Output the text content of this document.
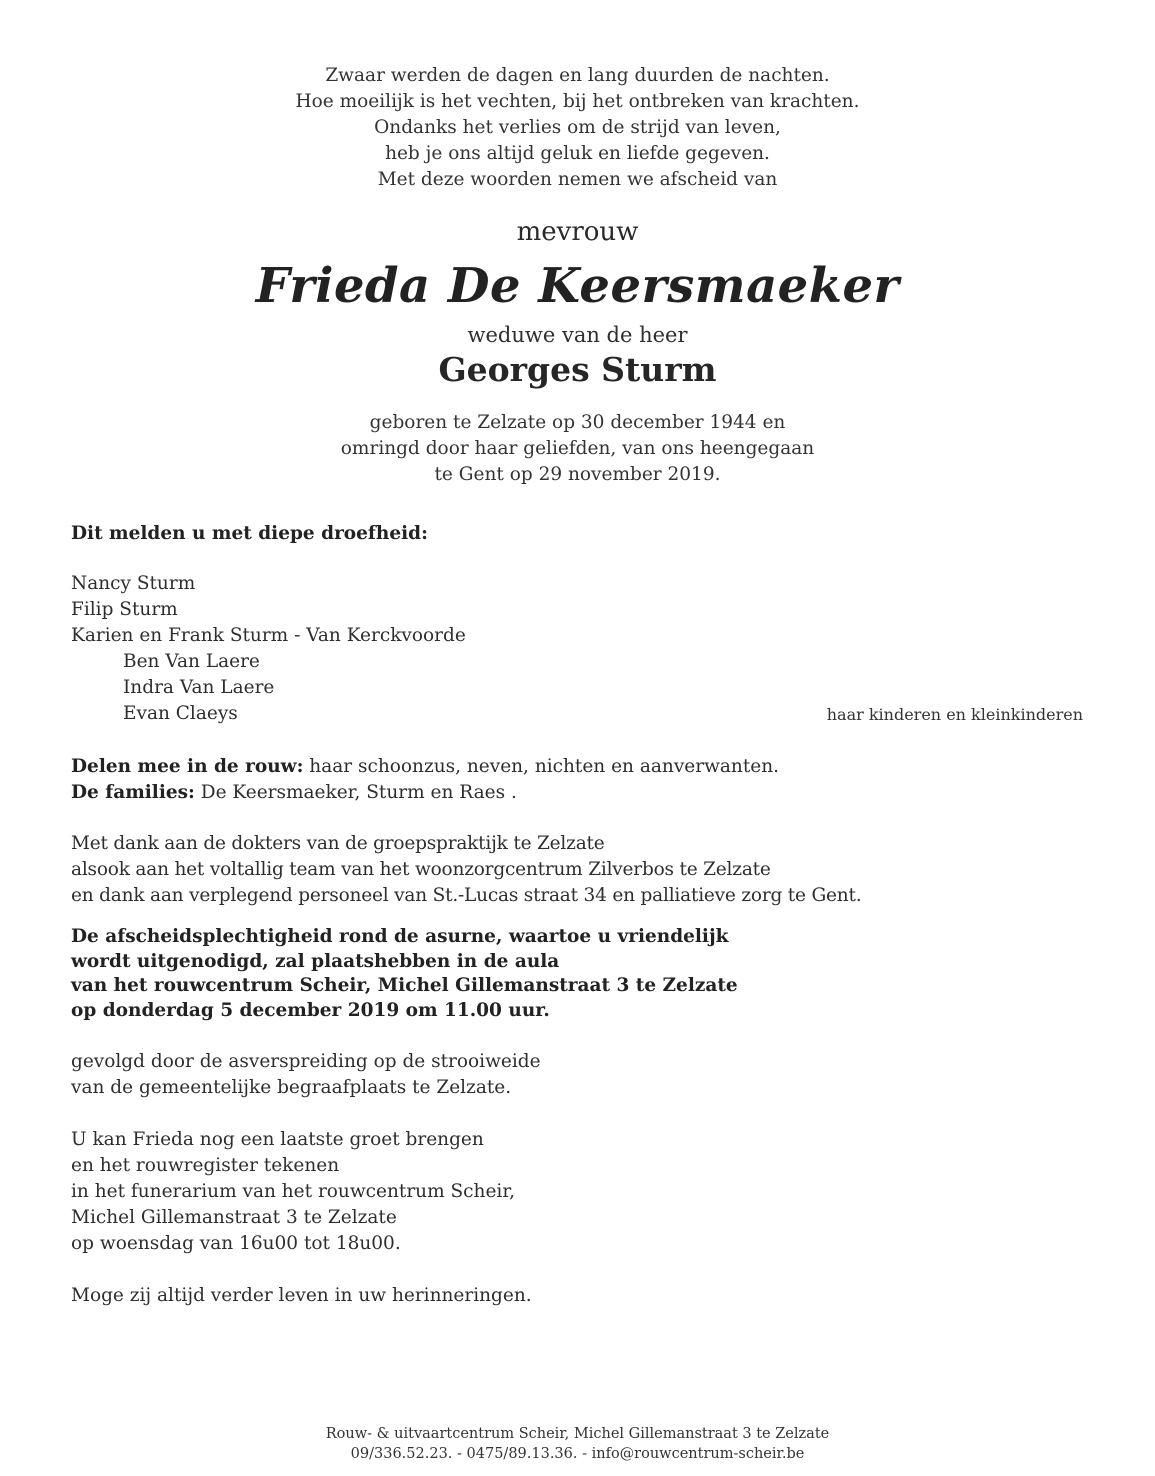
Zwaar werden de dagen en lang duurden de nachten.
Hoe moeilijk is het vechten, bij het ontbreken van krachten.
Ondanks het verlies om de strijd van leven,
heb je ons altijd geluk en liefde gegeven.
Met deze woorden nemen we afscheid van
mevrouw
Frieda De Keersmaeker
weduwe van de heer
Georges Sturm
geboren te Zelzate op 30 december 1944 en
omringd door haar geliefden, van ons heengegaan
te Gent op 29 november 2019.
Dit melden u met diepe droefheid:
Nancy Sturm
Filip Sturm
Karien en Frank Sturm - Van Kerckvoorde
Ben Van Laere
Indra Van Laere
Evan Claeys	haar kinderen en kleinkinderen
Delen mee in de rouw: haar schoonzus, neven, nichten en aanverwanten.
De families: De Keersmaeker, Sturm en Raes .
Met dank aan de dokters van de groepspraktijk te Zelzate
alsook aan het voltallig team van het woonzorgcentrum Zilverbos te Zelzate
en dank aan verplegend personeel van St.-Lucas straat 34 en palliatieve zorg te Gent.
De afscheidsplechtigheid rond de asurne, waartoe u vriendelijk
wordt uitgenodigd, zal plaatshebben in de aula
van het rouwcentrum Scheir, Michel Gillemanstraat 3 te Zelzate
op donderdag 5 december 2019 om 11.00 uur.
gevolgd door de asverspreiding op de strooiweide
van de gemeentelijke begraafplaats te Zelzate.
U kan Frieda nog een laatste groet brengen
en het rouwregister tekenen
in het funerarium van het rouwcentrum Scheir,
Michel Gillemanstraat 3 te Zelzate
op woensdag van 16u00 tot 18u00.
Moge zij altijd verder leven in uw herinneringen.
Rouw- & uitvaartcentrum Scheir, Michel Gillemanstraat 3 te Zelzate
09/336.52.23. - 0475/89.13.36. - info@rouwcentrum-scheir.be
